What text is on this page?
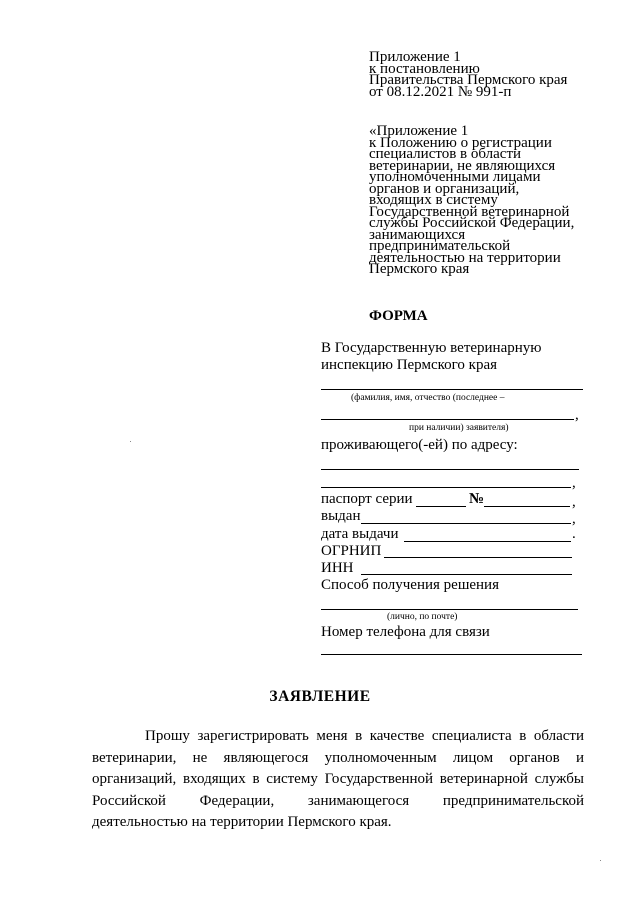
Приложение 1
к постановлению
Правительства Пермского края
от 08.12.2021 № 991-п
«Приложение 1
к Положению о регистрации
специалистов в области
ветеринарии, не являющихся
уполномоченными лицами
органов и организаций,
входящих в систему
Государственной ветеринарной
службы Российской Федерации,
занимающихся
предпринимательской
деятельностью на территории
Пермского края
ФОРМА
В Государственную ветеринарную
инспекцию Пермского края
(фамилия, имя, отчество (последнее –
,
при наличии) заявителя)
проживающего(-ей) по адресу:
,
паспорт серии	№	,
выдан	,
дата выдачи	.
ОГРНИП
ИНН
Способ получения решения
(лично, по почте)
Номер телефона для связи
ЗАЯВЛЕНИЕ
Прошу зарегистрировать меня в качестве специалиста в области ветеринарии, не являющегося уполномоченным лицом органов и организаций, входящих в систему Государственной ветеринарной службы Российской Федерации, занимающегося предпринимательской деятельностью на территории Пермского края.
